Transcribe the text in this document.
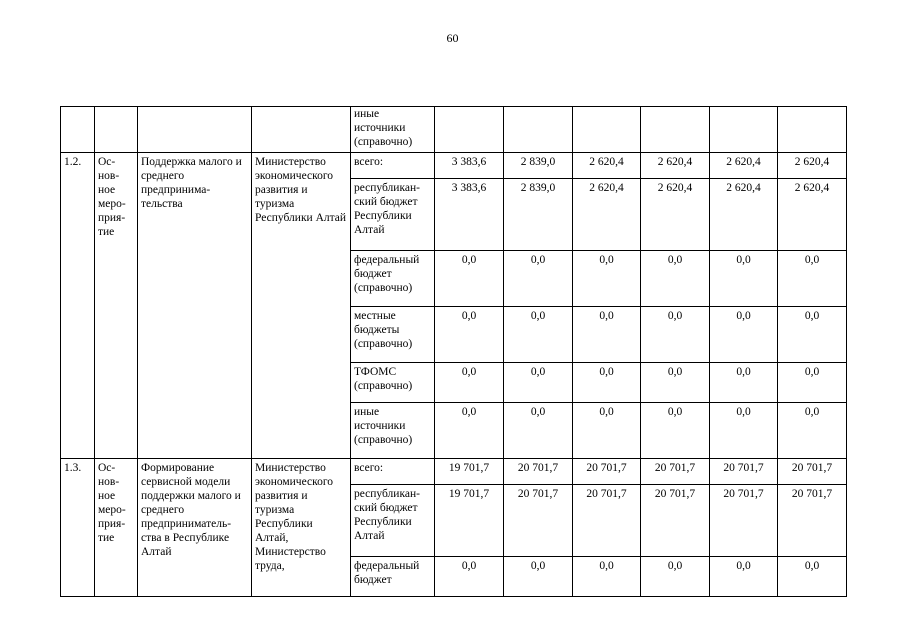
60

				иные источники (справочно)						

1.2.	Ос-нов-ное меро-прия-тие	Поддержка малого и среднего предпринима-тельства	Министерство экономического развития и туризма Республики Алтай	всего:	3 383,6	2 839,0	2 620,4	2 620,4	2 620,4	2 620,4

				республикан-ский бюджет Республики Алтай	3 383,6	2 839,0	2 620,4	2 620,4	2 620,4	2 620,4

				федеральный бюджет (справочно)	0,0	0,0	0,0	0,0	0,0	0,0

				местные бюджеты (справочно)	0,0	0,0	0,0	0,0	0,0	0,0

				ТФОМС (справочно)	0,0	0,0	0,0	0,0	0,0	0,0

				иные источники (справочно)	0,0	0,0	0,0	0,0	0,0	0,0

1.3.	Ос-нов-ное меро-прия-тие	Формирование сервисной модели поддержки малого и среднего предприниматель-ства в Республике Алтай	Министерство экономического развития и туризма Республики Алтай, Министерство труда,	всего:	19 701,7	20 701,7	20 701,7	20 701,7	20 701,7	20 701,7

				республикан-ский бюджет Республики Алтай	19 701,7	20 701,7	20 701,7	20 701,7	20 701,7	20 701,7

				федеральный бюджет	0,0	0,0	0,0	0,0	0,0	0,0
